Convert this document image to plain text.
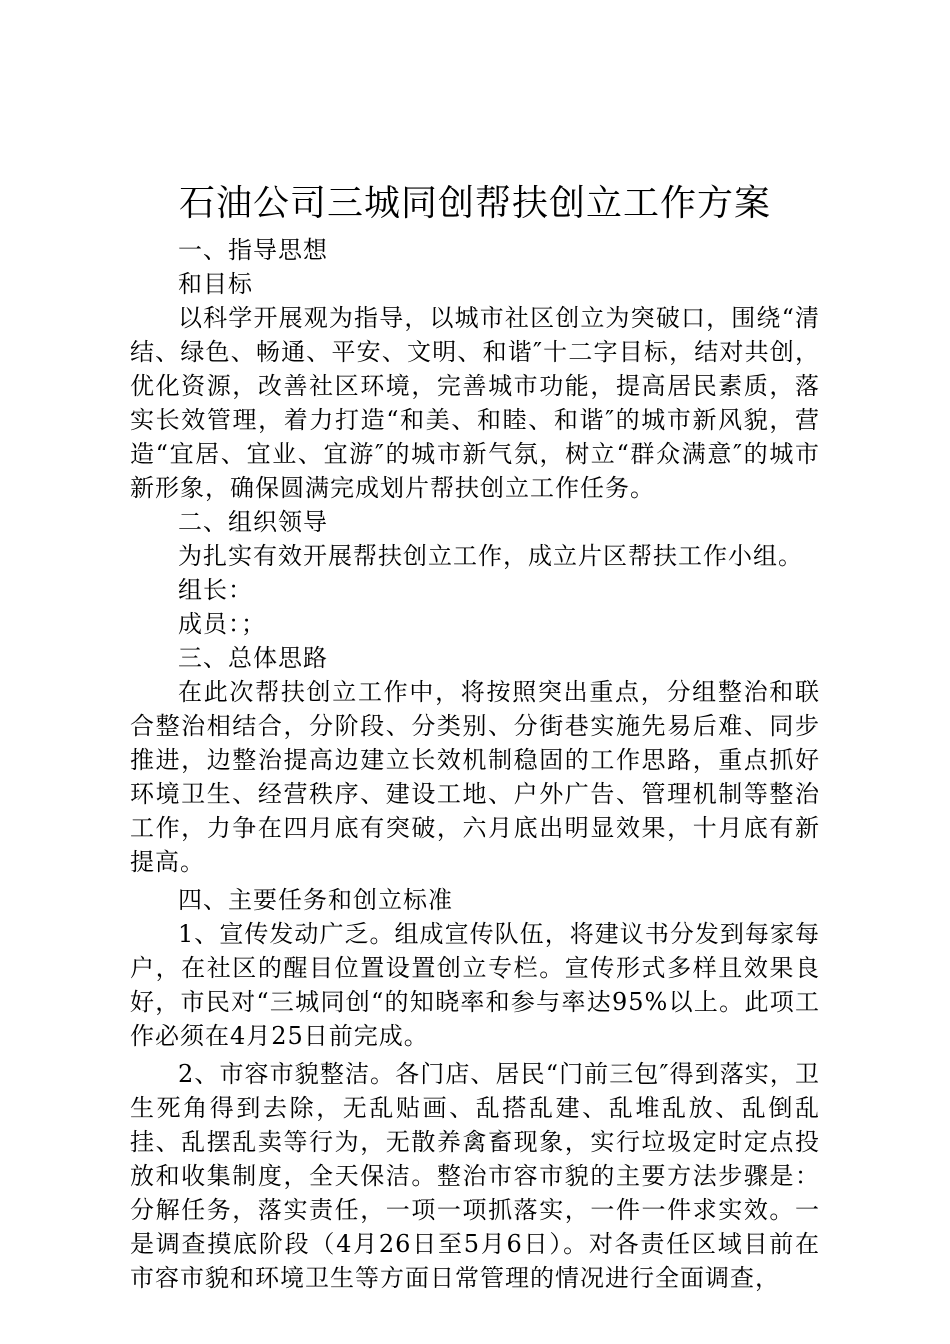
石油公司三城同创帮扶创立工作方案

一、指导思想

和目标

以科学开展观为指导，以城市社区创立为突破口，围绕“清结、绿色、畅通、平安、文明、和谐″十二字目标，结对共创，优化资源，改善社区环境，完善城市功能，提高居民素质，落实长效管理，着力打造“和美、和睦、和谐″的城市新风貌，营造“宜居、宜业、宜游″的城市新气氛，树立“群众满意″的城市新形象，确保圆满完成划片帮扶创立工作任务。

二、组织领导

为扎实有效开展帮扶创立工作，成立片区帮扶工作小组。

组长：

成员：；

三、总体思路

在此次帮扶创立工作中，将按照突出重点，分组整治和联合整治相结合，分阶段、分类别、分街巷实施先易后难、同步推进，边整治提高边建立长效机制稳固的工作思路，重点抓好环境卫生、经营秩序、建设工地、户外广告、管理机制等整治工作，力争在四月底有突破，六月底出明显效果，十月底有新提高。

四、主要任务和创立标准

1、宣传发动广乏。组成宣传队伍，将建议书分发到每家每户，在社区的醒目位置设置创立专栏。宣传形式多样且效果良好，市民对“三城同创“的知晓率和参与率达95%以上。此项工作必须在4月25日前完成。

2、市容市貌整洁。各门店、居民“门前三包″得到落实，卫生死角得到去除，无乱贴画、乱搭乱建、乱堆乱放、乱倒乱挂、乱摆乱卖等行为，无散养禽畜现象，实行垃圾定时定点投放和收集制度，全天保洁。整治市容市貌的主要方法步骤是：分解任务，落实责任，一项一项抓落实，一件一件求实效。一是调查摸底阶段（4月26日至5月6日）。对各责任区域目前在市容市貌和环境卫生等方面日常管理的情况进行全面调查，
